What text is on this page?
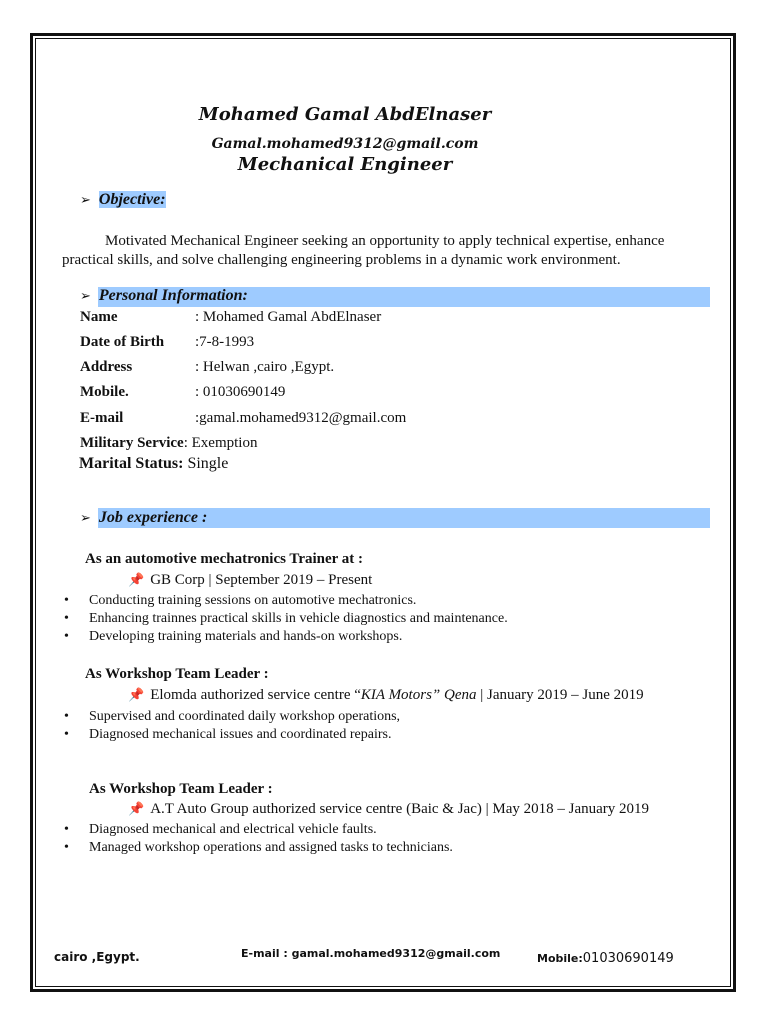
Mohamed Gamal AbdElnaser
Gamal.mohamed9312@gmail.com
Mechanical Engineer
➢ Objective:
Motivated Mechanical Engineer seeking an opportunity to apply technical expertise, enhance
practical skills, and solve challenging engineering problems in a dynamic work environment.
➢ Personal Information:
Name	: Mohamed Gamal AbdElnaser
Date of Birth :7-8-1993
Address	: Helwan ,cairo ,Egypt.
Mobile.	: 01030690149
E-mail	:gamal.mohamed9312@gmail.com
Military Service: Exemption
Marital Status: Single
➢ Job experience :
As an automotive mechatronics Trainer at :
📌 GB Corp | September 2019 – Present
• Conducting training sessions on automotive mechatronics.
• Enhancing trainnes practical skills in vehicle diagnostics and maintenance.
• Developing training materials and hands-on workshops.
As Workshop Team Leader :
📌 Elomda authorized service centre “KIA Motors” Qena | January 2019 – June 2019
• Supervised and coordinated daily workshop operations,
• Diagnosed mechanical issues and coordinated repairs.
As Workshop Team Leader :
📌 A.T Auto Group authorized service centre (Baic & Jac) | May 2018 – January 2019
• Diagnosed mechanical and electrical vehicle faults.
• Managed workshop operations and assigned tasks to technicians.
cairo ,Egypt.	E-mail : gamal.mohamed9312@gmail.com	Mobile:01030690149
